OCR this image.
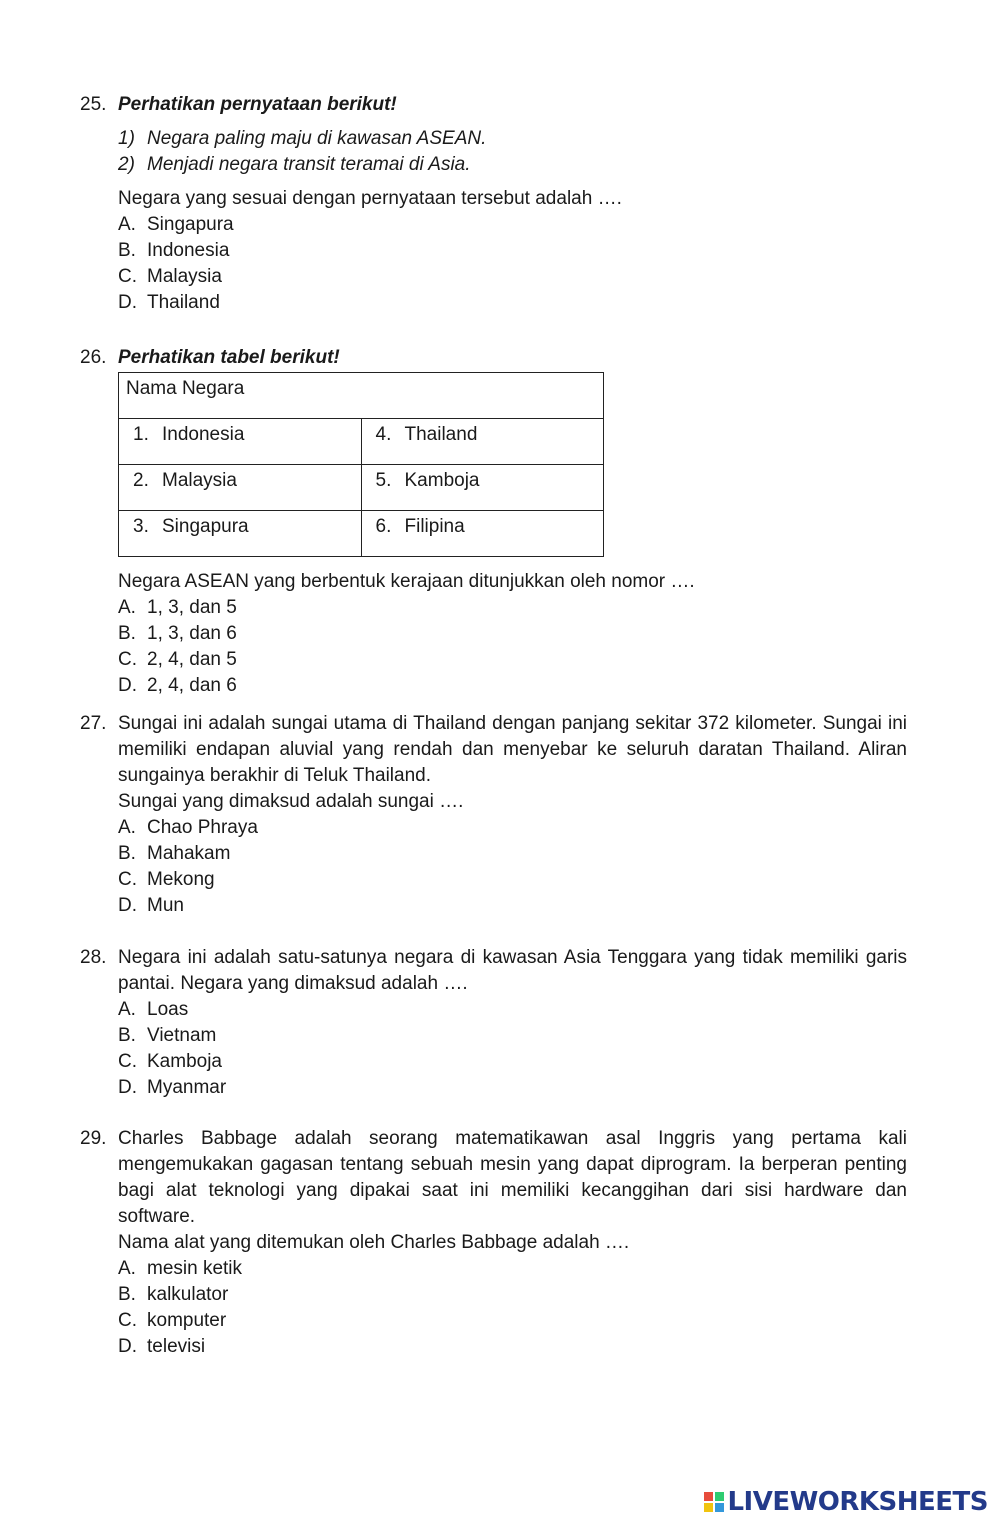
25. Perhatikan pernyataan berikut!
1) Negara paling maju di kawasan ASEAN.
2) Menjadi negara transit teramai di Asia.
Negara yang sesuai dengan pernyataan tersebut adalah ….
A. Singapura
B. Indonesia
C. Malaysia
D. Thailand
26. Perhatikan tabel berikut!
Nama Negara	
1. Indonesia	4. Thailand
2. Malaysia	5. Kamboja
3. Singapura	6. Filipina
Negara ASEAN yang berbentuk kerajaan ditunjukkan oleh nomor ….
A. 1, 3, dan 5
B. 1, 3, dan 6
C. 2, 4, dan 5
D. 2, 4, dan 6
27. Sungai ini adalah sungai utama di Thailand dengan panjang sekitar 372 kilometer. Sungai ini memiliki endapan aluvial yang rendah dan menyebar ke seluruh daratan Thailand. Aliran sungainya berakhir di Teluk Thailand.
Sungai yang dimaksud adalah sungai ….
A. Chao Phraya
B. Mahakam
C. Mekong
D. Mun
28. Negara ini adalah satu-satunya negara di kawasan Asia Tenggara yang tidak memiliki garis pantai. Negara yang dimaksud adalah ….
A. Loas
B. Vietnam
C. Kamboja
D. Myanmar
29. Charles Babbage adalah seorang matematikawan asal Inggris yang pertama kali mengemukakan gagasan tentang sebuah mesin yang dapat diprogram. Ia berperan penting bagi alat teknologi yang dipakai saat ini memiliki kecanggihan dari sisi hardware dan software.
Nama alat yang ditemukan oleh Charles Babbage adalah ….
A. mesin ketik
B. kalkulator
C. komputer
D. televisi
LIVEWORKSHEETS
